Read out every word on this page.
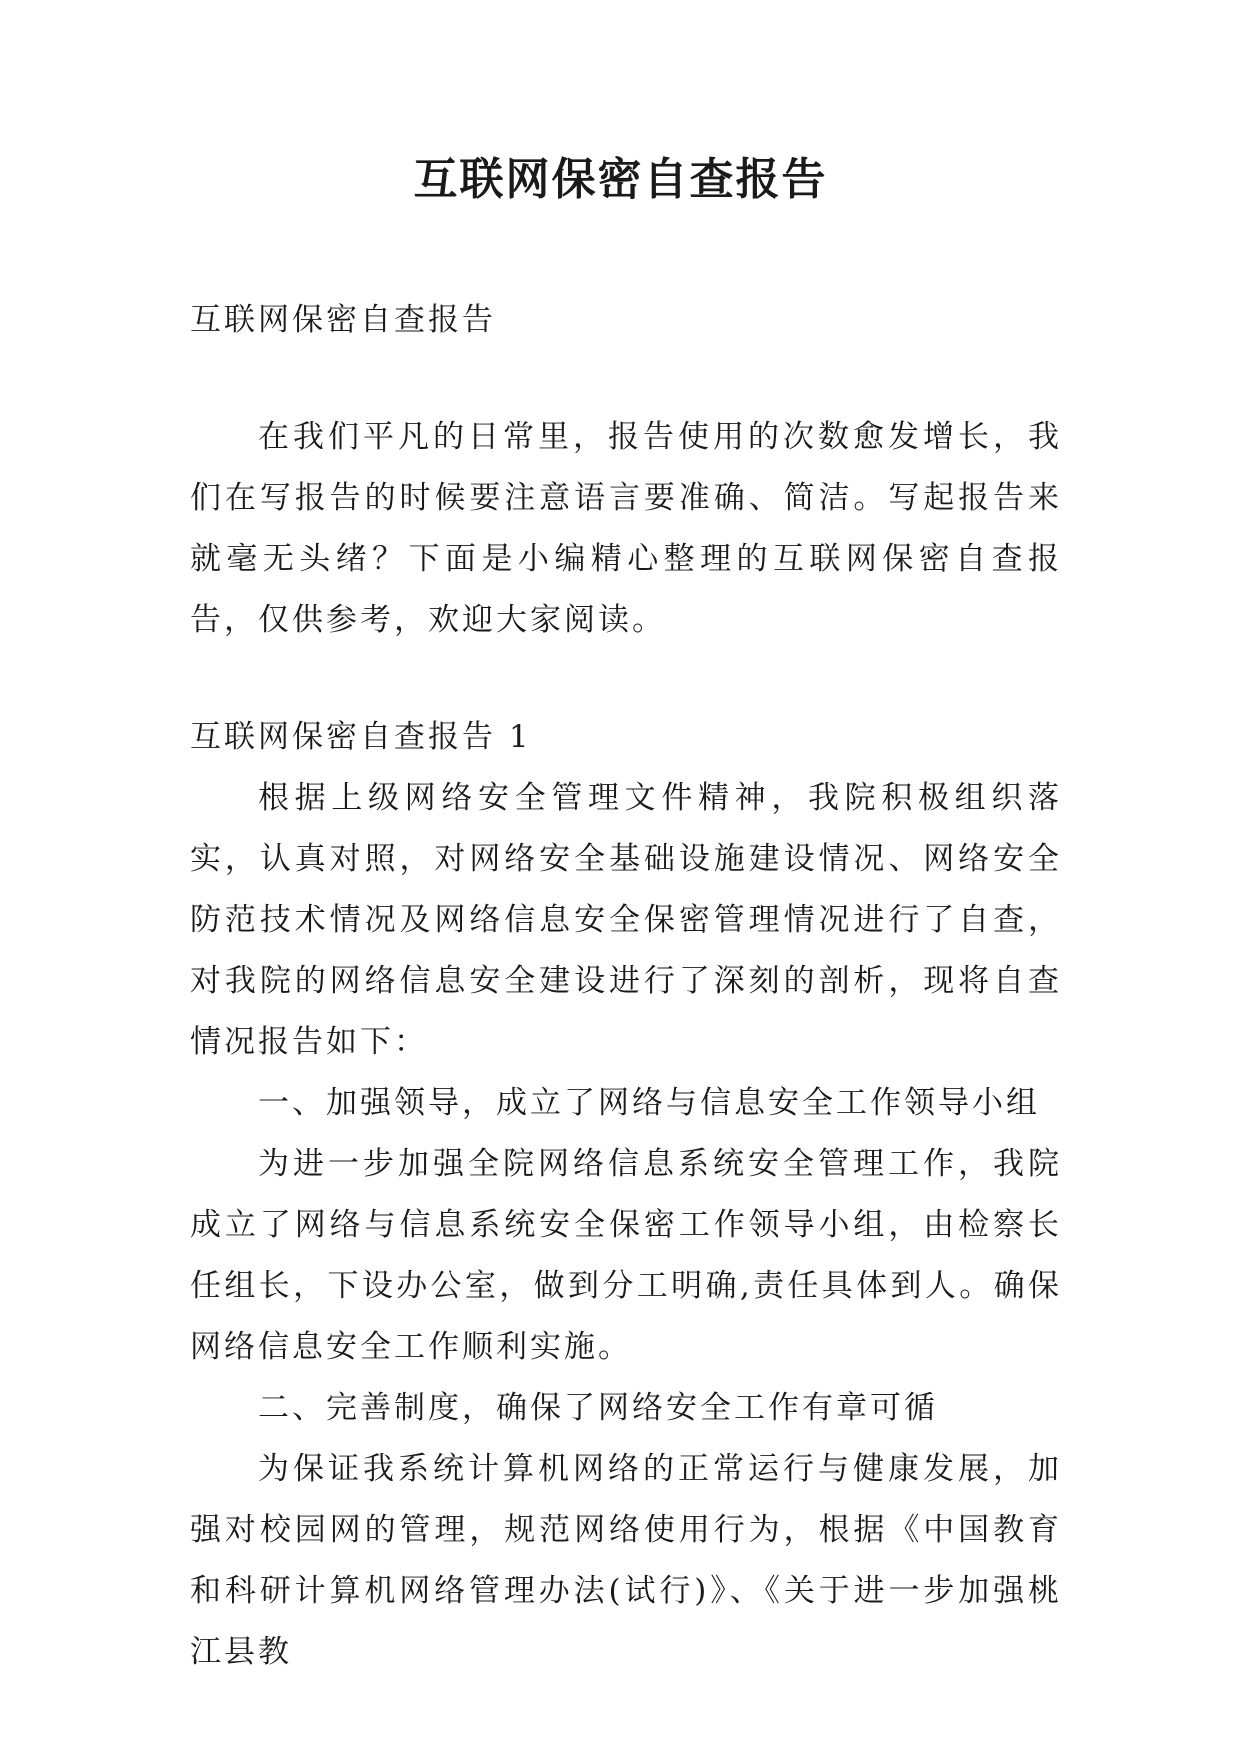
互联网保密自查报告

互联网保密自查报告

在我们平凡的日常里，报告使用的次数愈发增长，我们在写报告的时候要注意语言要准确、简洁。写起报告来就毫无头绪？下面是小编精心整理的互联网保密自查报告，仅供参考，欢迎大家阅读。

互联网保密自查报告 1

根据上级网络安全管理文件精神，我院积极组织落实，认真对照，对网络安全基础设施建设情况、网络安全防范技术情况及网络信息安全保密管理情况进行了自查，对我院的网络信息安全建设进行了深刻的剖析，现将自查情况报告如下：

一、加强领导，成立了网络与信息安全工作领导小组

为进一步加强全院网络信息系统安全管理工作，我院成立了网络与信息系统安全保密工作领导小组，由检察长任组长，下设办公室，做到分工明确,责任具体到人。确保网络信息安全工作顺利实施。

二、完善制度，确保了网络安全工作有章可循

为保证我系统计算机网络的正常运行与健康发展，加强对校园网的管理，规范网络使用行为，根据《中国教育和科研计算机网络管理办法(试行)》、《关于进一步加强桃江县教
